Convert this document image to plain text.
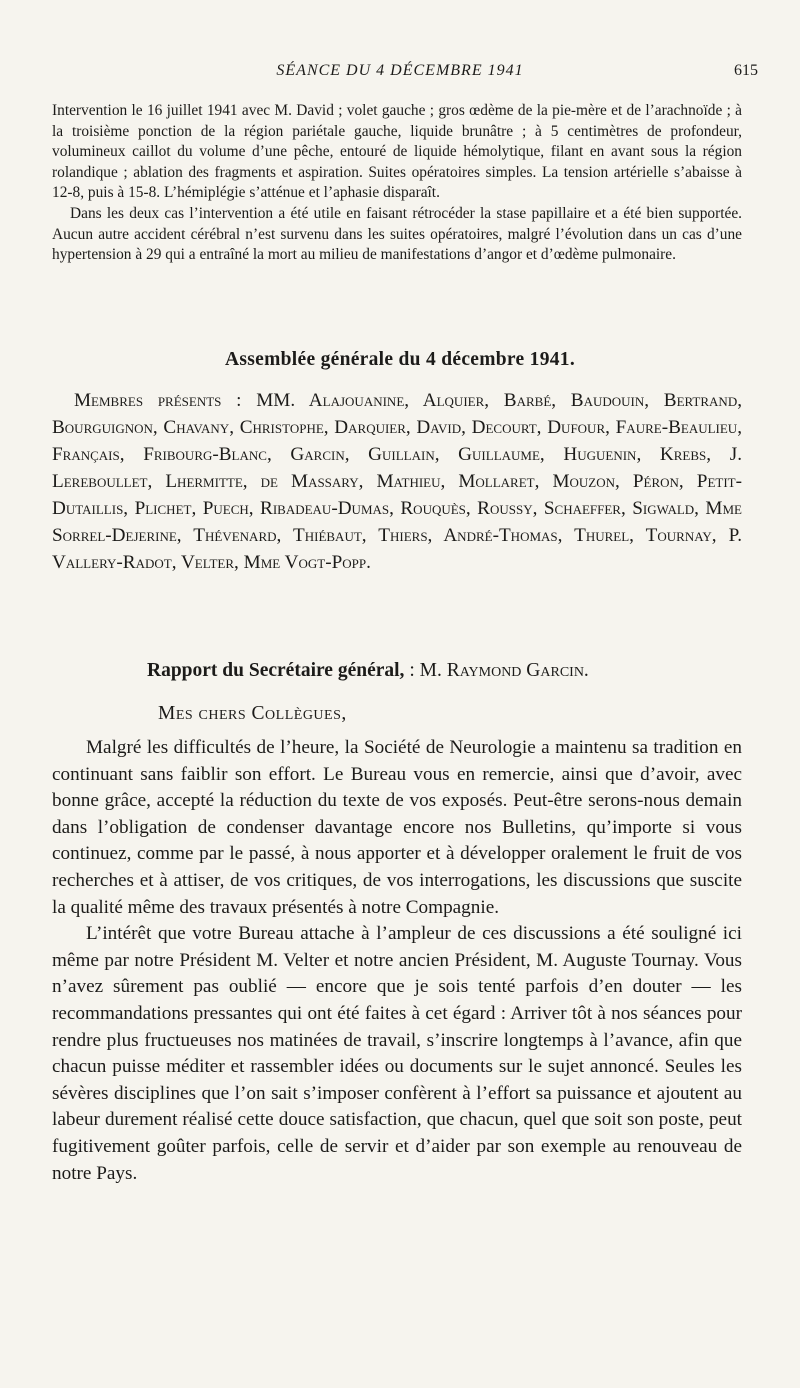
SÉANCE DU 4 DÉCEMBRE 1941	615

Intervention le 16 juillet 1941 avec M. David ; volet gauche ; gros œdème de la pie-mère et de l’arachnoïde ; à la troisième ponction de la région pariétale gauche, liquide brunâtre ; à 5 centimètres de profondeur, volumineux caillot du volume d’une pêche, entouré de liquide hémolytique, filant en avant sous la région rolandique ; ablation des fragments et aspiration. Suites opératoires simples. La tension artérielle s’abaisse à 12-8, puis à 15-8. L’hémiplégie s’atténue et l’aphasie disparaît.

Dans les deux cas l’intervention a été utile en faisant rétrocéder la stase papillaire et a été bien supportée. Aucun autre accident cérébral n’est survenu dans les suites opératoires, malgré l’évolution dans un cas d’une hypertension à 29 qui a entraîné la mort au milieu de manifestations d’angor et d’œdème pulmonaire.

Assemblée générale du 4 décembre 1941.

Membres présents : MM. Alajouanine, Alquier, Barbé, Baudouin, Bertrand, Bourguignon, Chavany, Christophe, Darquier, David, Decourt, Dufour, Faure-Beaulieu, Français, Fribourg-Blanc, Garcin, Guillain, Guillaume, Huguenin, Krebs, J. Lereboullet, Lhermitte, de Massary, Mathieu, Mollaret, Mouzon, Péron, Petit-Dutaillis, Plichet, Puech, Ribadeau-Dumas, Rouquès, Roussy, Schaeffer, Sigwald, Mme Sorrel-Dejerine, Thévenard, Thiébaut, Thiers, André-Thomas, Thurel, Tournay, P. Vallery-Radot, Velter, Mme Vogt-Popp.

Rapport du Secrétaire général, : M. Raymond Garcin.
Mes chers Collègues,

Malgré les difficultés de l’heure, la Société de Neurologie a maintenu sa tradition en continuant sans faiblir son effort. Le Bureau vous en remercie, ainsi que d’avoir, avec bonne grâce, accepté la réduction du texte de vos exposés. Peut-être serons-nous demain dans l’obligation de condenser davantage encore nos Bulletins, qu’importe si vous continuez, comme par le passé, à nous apporter et à développer oralement le fruit de vos recherches et à attiser, de vos critiques, de vos interrogations, les discussions que suscite la qualité même des travaux présentés à notre Compagnie.

L’intérêt que votre Bureau attache à l’ampleur de ces discussions a été souligné ici même par notre Président M. Velter et notre ancien Président, M. Auguste Tournay. Vous n’avez sûrement pas oublié — encore que je sois tenté parfois d’en douter — les recommandations pressantes qui ont été faites à cet égard : Arriver tôt à nos séances pour rendre plus fructueuses nos matinées de travail, s’inscrire longtemps à l’avance, afin que chacun puisse méditer et rassembler idées ou documents sur le sujet annoncé. Seules les sévères disciplines que l’on sait s’imposer confèrent à l’effort sa puissance et ajoutent au labeur durement réalisé cette douce satisfaction, que chacun, quel que soit son poste, peut fugitivement goûter parfois, celle de servir et d’aider par son exemple au renouveau de notre Pays.
